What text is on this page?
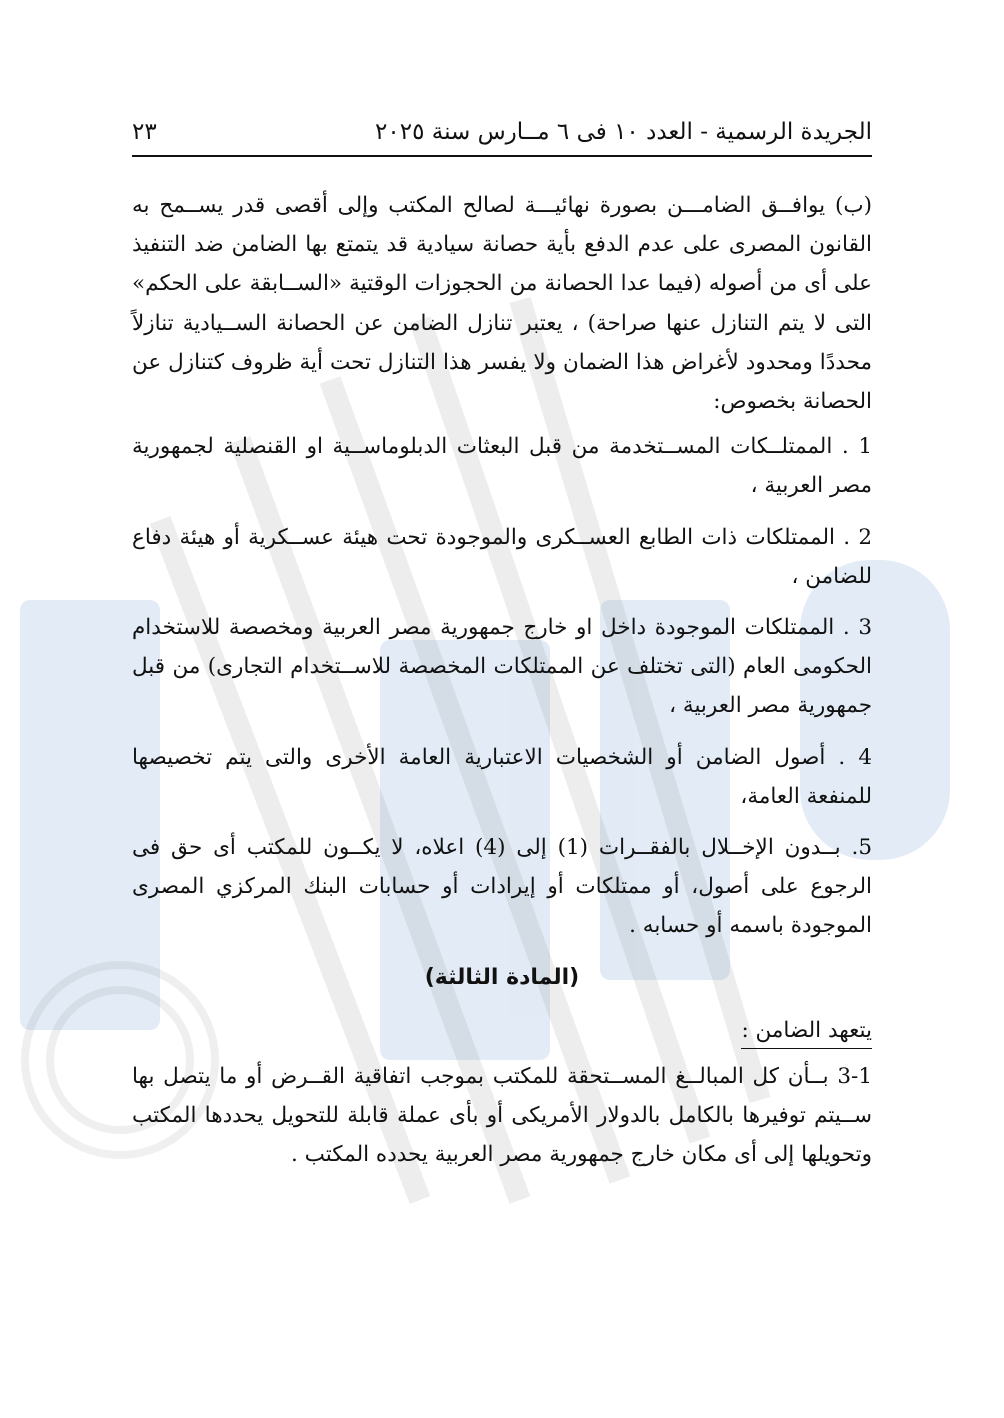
الجريدة الرسمية - العدد ١٠ فى ٦ مــارس سنة ٢٠٢٥
٢٣

(ب) يوافــق الضامـــن بصورة نهائيـــة لصالح المكتب وإلى أقصى قدر يســمح به القانون المصرى على عدم الدفع بأية حصانة سيادية قد يتمتع بها الضامن ضد التنفيذ على أى من أصوله (فيما عدا الحصانة من الحجوزات الوقتية «الســابقة على الحكم» التى لا يتم التنازل عنها صراحة) ، يعتبر تنازل الضامن عن الحصانة الســيادية تنازلاً محددًا ومحدود لأغراض هذا الضمان ولا يفسر هذا التنازل تحت أية ظروف كتنازل عن الحصانة بخصوص:

1 . الممتلــكات المســتخدمة من قبل البعثات الدبلوماســية او القنصلية لجمهورية مصر العربية ،

2 . الممتلكات ذات الطابع العســكرى والموجودة تحت هيئة عســكرية أو هيئة دفاع للضامن ،

3 . الممتلكات الموجودة داخل او خارج جمهورية مصر العربية ومخصصة للاستخدام الحكومى العام (التى تختلف عن الممتلكات المخصصة للاســتخدام التجارى) من قبل جمهورية مصر العربية ،

4 . أصول الضامن أو الشخصيات الاعتبارية العامة الأخرى والتى يتم تخصيصها للمنفعة العامة،

5. بــدون الإخــلال بالفقــرات (1) إلى (4) اعلاه، لا يكــون للمكتب أى حق فى الرجوع على أصول، أو ممتلكات أو إيرادات أو حسابات البنك المركزي المصرى الموجودة باسمه أو حسابه .

(المادة الثالثة)

يتعهد الضامن :

3-1 بــأن كل المبالــغ المســتحقة للمكتب بموجب اتفاقية القــرض أو ما يتصل بها ســيتم توفيرها بالكامل بالدولار الأمريكى أو بأى عملة قابلة للتحويل يحددها المكتب وتحويلها إلى أى مكان خارج جمهورية مصر العربية يحدده المكتب .
